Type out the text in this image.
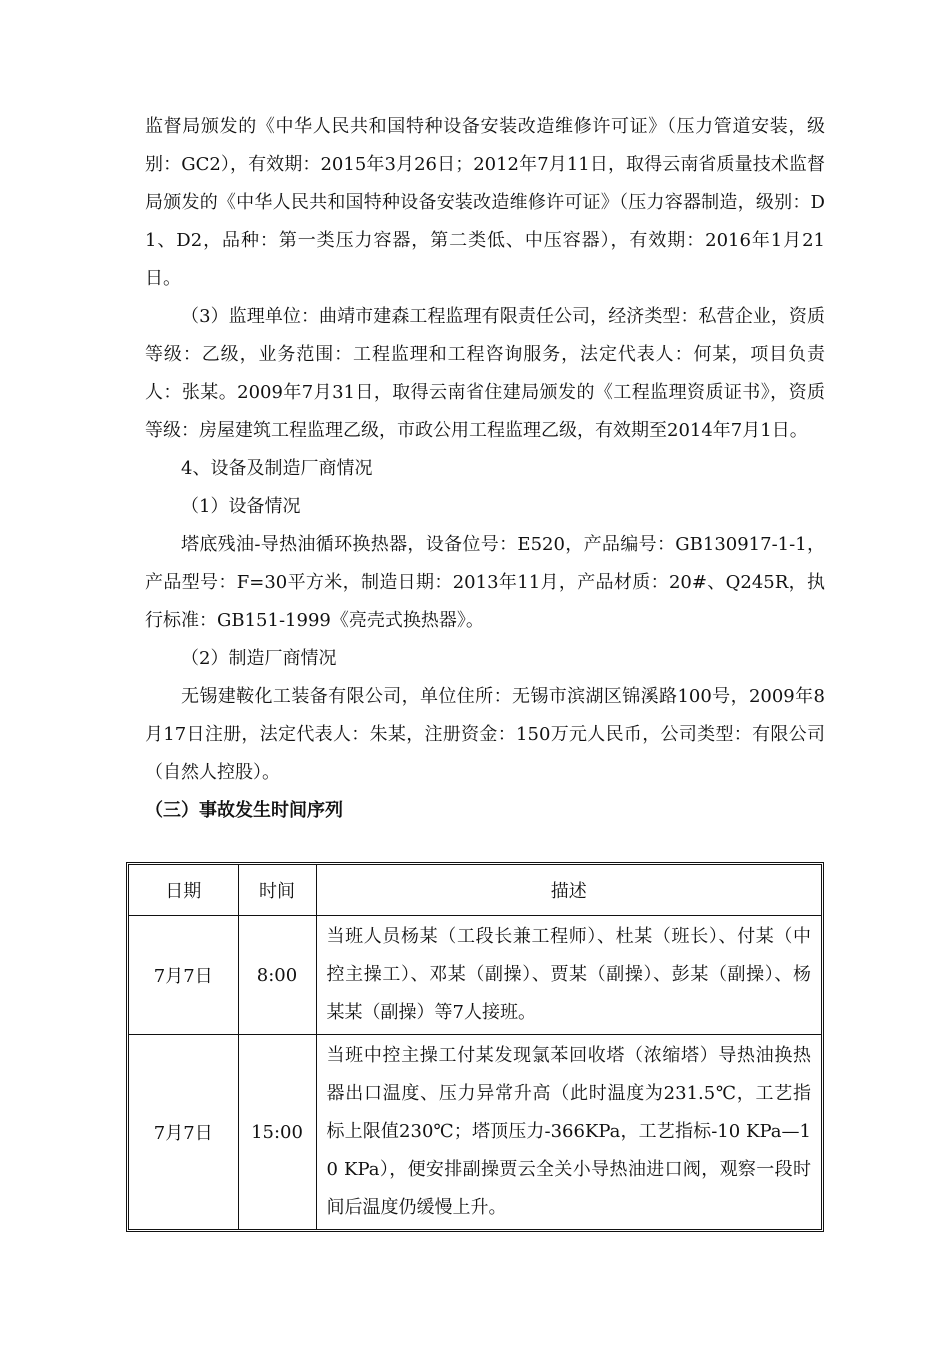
监督局颁发的《中华人民共和国特种设备安装改造维修许可证》（压力管道安装，级别：GC2），有效期：2015年3月26日；2012年7月11日，取得云南省质量技术监督局颁发的《中华人民共和国特种设备安装改造维修许可证》（压力容器制造，级别：D1、D2，品种：第一类压力容器，第二类低、中压容器），有效期：2016年1月21日。

（3）监理单位：曲靖市建森工程监理有限责任公司，经济类型：私营企业，资质等级：乙级，业务范围：工程监理和工程咨询服务，法定代表人：何某，项目负责人：张某。2009年7月31日，取得云南省住建局颁发的《工程监理资质证书》，资质等级：房屋建筑工程监理乙级，市政公用工程监理乙级，有效期至2014年7月1日。

4、设备及制造厂商情况

（1）设备情况

塔底残油-导热油循环换热器，设备位号：E520，产品编号：GB130917-1-1，产品型号：F=30平方米，制造日期：2013年11月，产品材质：20#、Q245R，执行标准：GB151-1999《亮壳式换热器》。

（2）制造厂商情况

无锡建鞍化工装备有限公司，单位住所：无锡市滨湖区锦溪路100号，2009年8月17日注册，法定代表人：朱某，注册资金：150万元人民币，公司类型：有限公司（自然人控股）。

（三）事故发生时间序列

日期	时间	描述
7月7日	8:00	当班人员杨某（工段长兼工程师）、杜某（班长）、付某（中控主操工）、邓某（副操）、贾某（副操）、彭某（副操）、杨某某（副操）等7人接班。
7月7日	15:00	当班中控主操工付某发现氯苯回收塔（浓缩塔）导热油换热器出口温度、压力异常升高（此时温度为231.5℃，工艺指标上限值230℃；塔顶压力-366KPa，工艺指标-10 KPa—10 KPa），便安排副操贾云全关小导热油进口阀，观察一段时间后温度仍缓慢上升。
